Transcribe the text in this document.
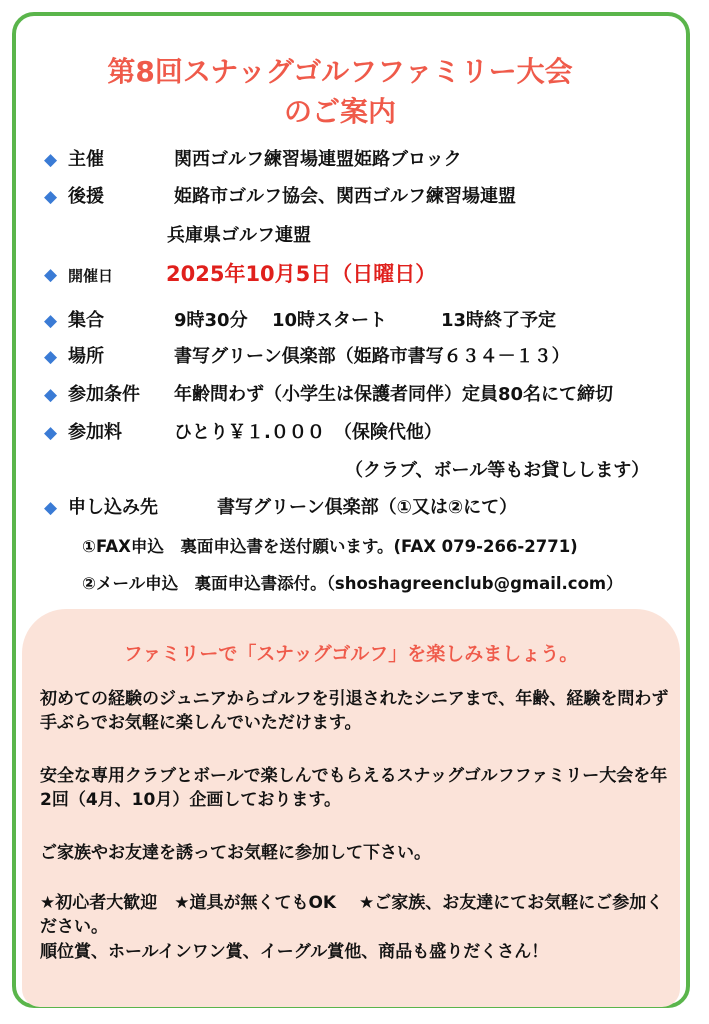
第8回スナッグゴルフファミリー大会
のご案内
◆ 主催	関西ゴルフ練習場連盟姫路ブロック
◆ 後援	姫路市ゴルフ協会、関西ゴルフ練習場連盟
兵庫県ゴルフ連盟
◆ 開催日	2025年10月5日（日曜日）
◆ 集合	9時30分 10時スタート	13時終了予定
◆ 場所	書写グリーン倶楽部（姫路市書写６３４－１３）
◆ 参加条件 年齢問わず（小学生は保護者同伴）定員80名にて締切
◆ 参加料	ひとり￥１.０００　（保険代他）
（クラブ、ボール等もお貸しします）
◆ 申し込み先	書写グリーン倶楽部（①又は②にて）
①FAX申込　裏面申込書を送付願います。(FAX 079-266-2771)
②メール申込　裏面申込書添付。（shoshagreenclub@gmail.com）
ファミリーで「スナッグゴルフ」を楽しみましょう。
初めての経験のジュニアからゴルフを引退されたシニアまで、年齢、経験を問わず手ぶらでお気軽に楽しんでいただけます。
安全な専用クラブとボールで楽しんでもらえるスナッグゴルフファミリー大会を年2回（4月、10月）企画しております。
ご家族やお友達を誘ってお気軽に参加して下さい。
★初心者大歓迎　★道具が無くてもOK　 ★ご家族、お友達にてお気軽にご参加ください。
順位賞、ホールインワン賞、イーグル賞他、商品も盛りだくさん！
